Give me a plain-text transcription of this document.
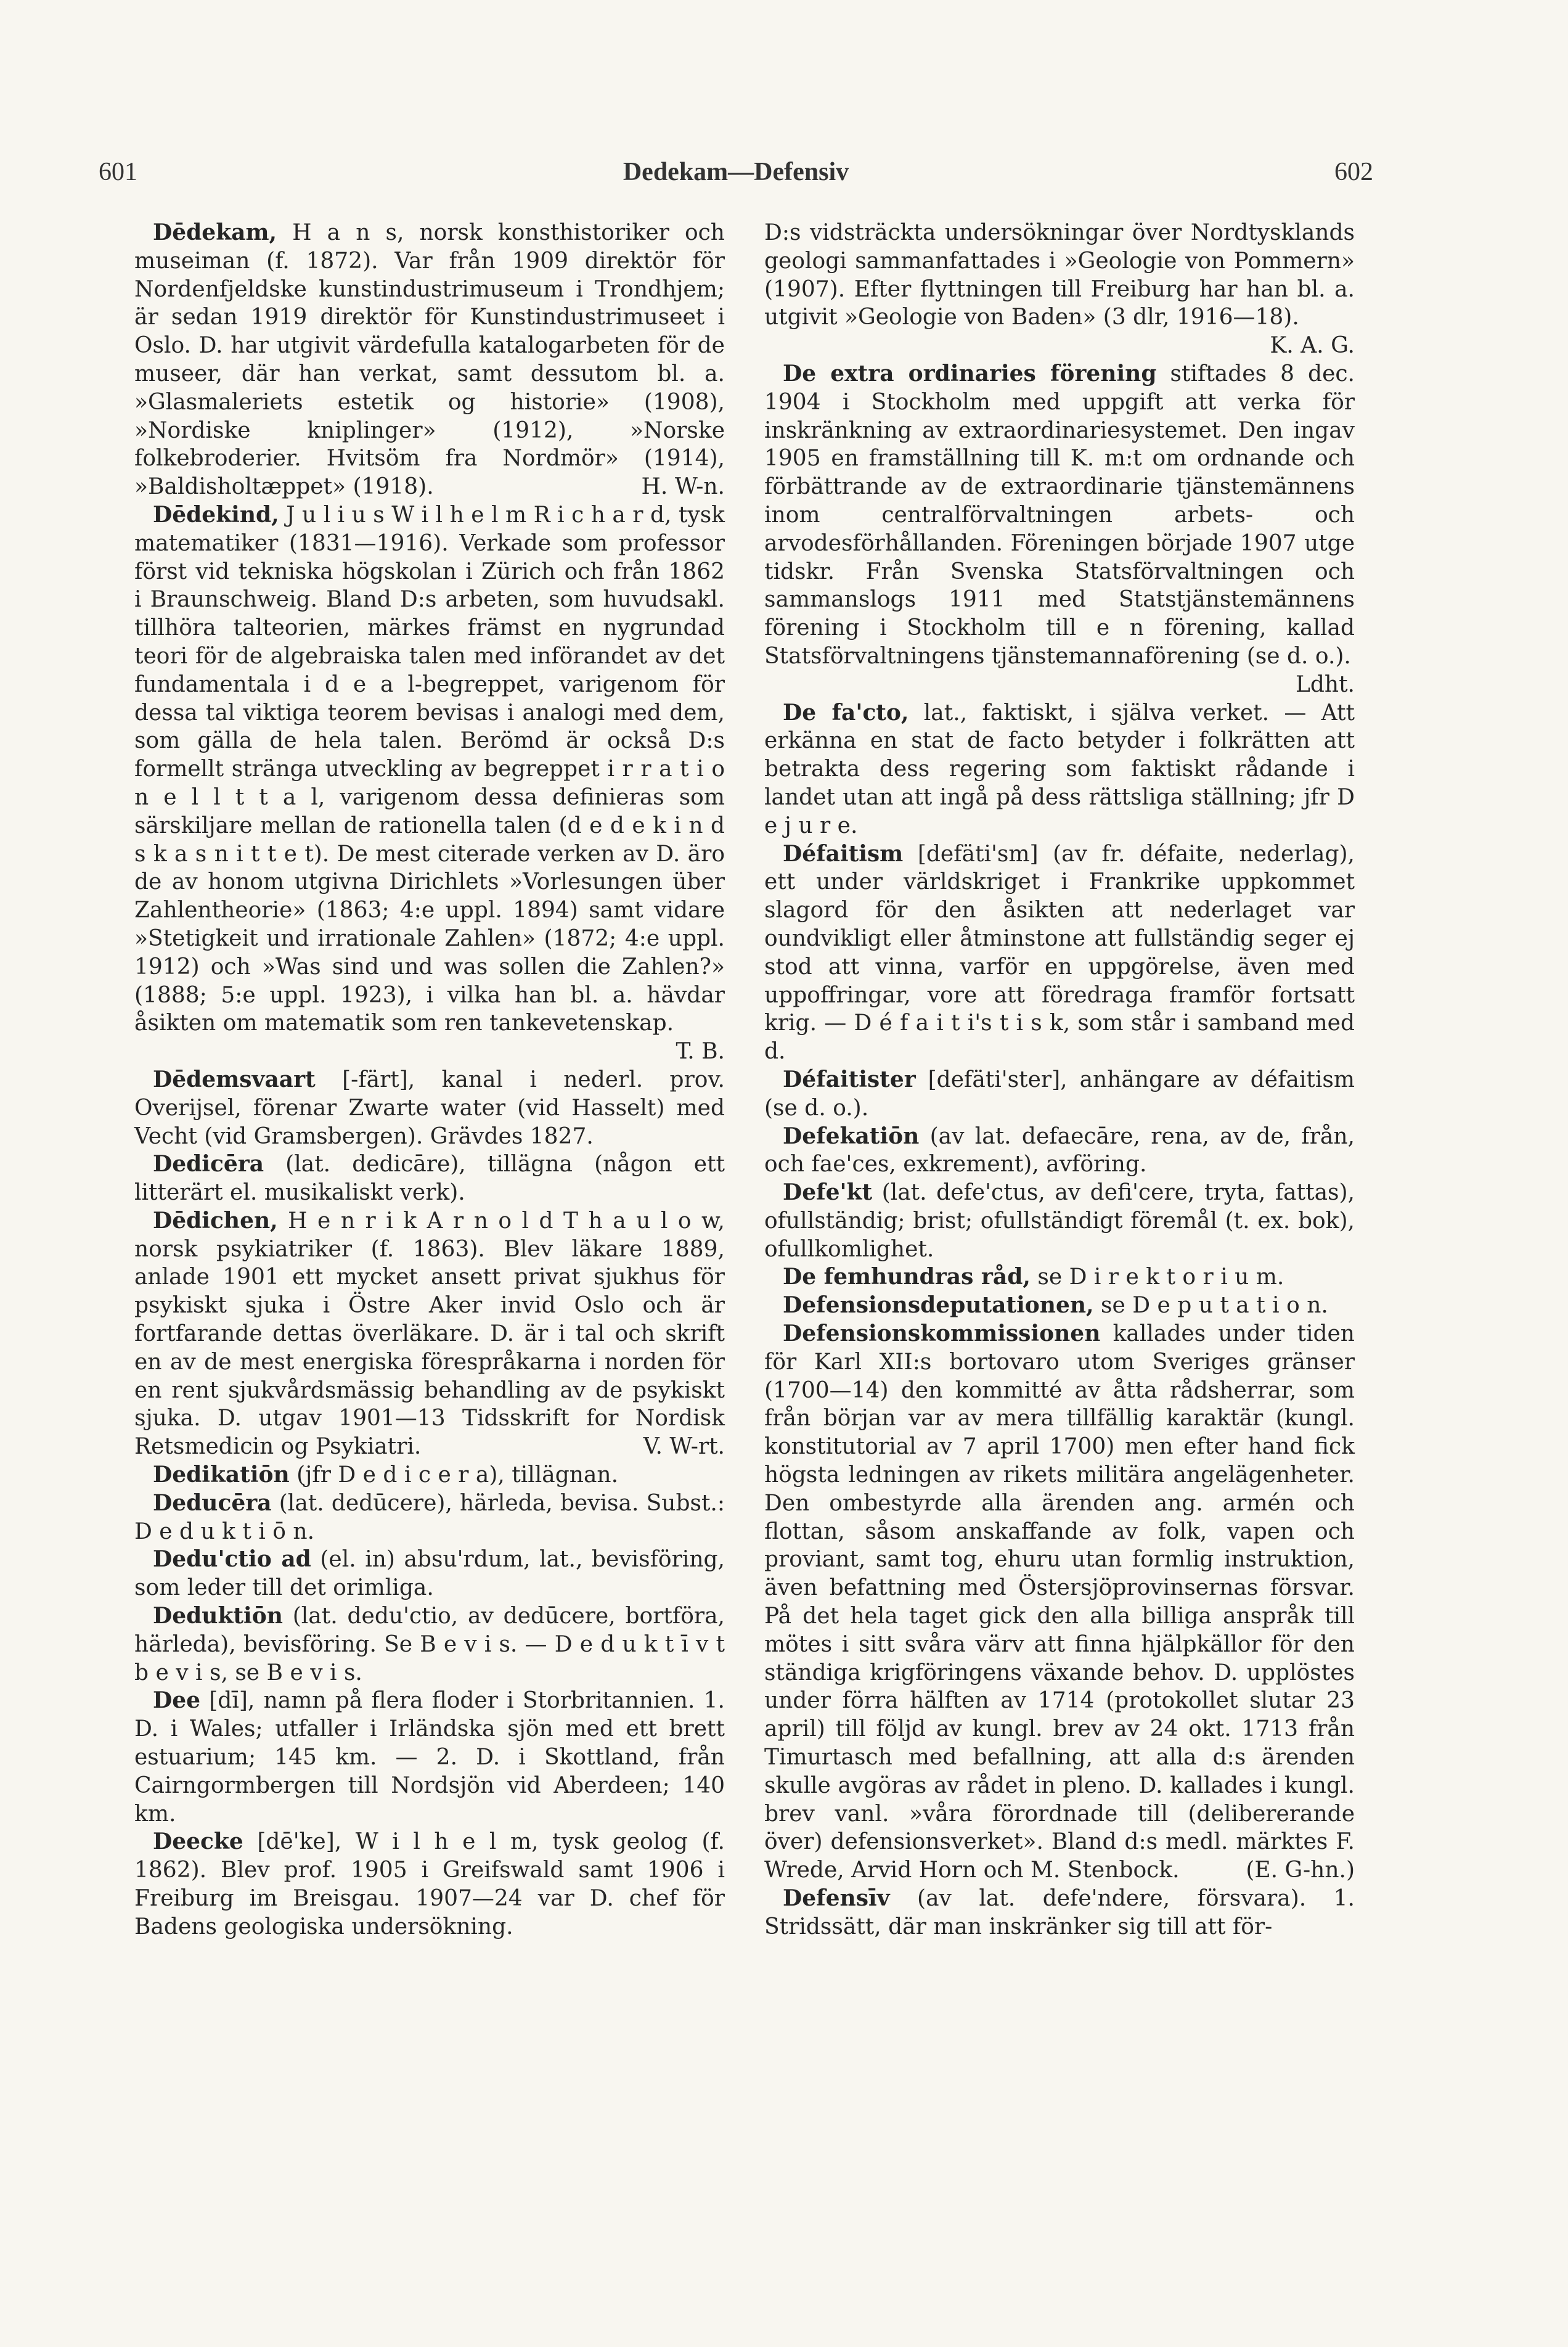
601	Dedekam—Defensiv	602

Dēdekam, H a n s, norsk konsthistoriker och museiman (f. 1872). Var från 1909 direktör för Nordenfjeldske kunstindustrimuseum i Trondhjem; är sedan 1919 direktör för Kunstindustrimuseet i Oslo. D. har utgivit värdefulla katalogarbeten för de museer, där han verkat, samt dessutom bl. a. »Glasmaleriets estetik og historie» (1908), »Nordiske kniplinger» (1912), »Norske folkebroderier. Hvitsöm fra Nordmör» (1914), »Baldisholtæppet» (1918).	H. W-n.

Dēdekind, J u l i u s W i l h e l m R i c h a r d, tysk matematiker (1831—1916). Verkade som professor först vid tekniska högskolan i Zürich och från 1862 i Braunschweig. Bland D:s arbeten, som huvudsakl. tillhöra talteorien, märkes främst en nygrundad teori för de algebraiska talen med införandet av det fundamentala i d e a l-begreppet, varigenom för dessa tal viktiga teorem bevisas i analogi med dem, som gälla de hela talen. Berömd är också D:s formellt stränga utveckling av begreppet i r r a t i o n e l l t t a l, varigenom dessa definieras som särskiljare mellan de rationella talen (d e d e k i n d s k a s n i t t e t). De mest citerade verken av D. äro de av honom utgivna Dirichlets »Vorlesungen über Zahlentheorie» (1863; 4:e uppl. 1894) samt vidare »Stetigkeit und irrationale Zahlen» (1872; 4:e uppl. 1912) och »Was sind und was sollen die Zahlen?» (1888; 5:e uppl. 1923), i vilka han bl. a. hävdar åsikten om matematik som ren tankevetenskap.
T. B.

Dēdemsvaart [-färt], kanal i nederl. prov. Overijsel, förenar Zwarte water (vid Hasselt) med Vecht (vid Gramsbergen). Grävdes 1827.

Dedicēra (lat. dedicāre), tillägna (någon ett litterärt el. musikaliskt verk).

Dēdichen, H e n r i k A r n o l d T h a u l o w, norsk psykiatriker (f. 1863). Blev läkare 1889, anlade 1901 ett mycket ansett privat sjukhus för psykiskt sjuka i Östre Aker invid Oslo och är fortfarande dettas överläkare. D. är i tal och skrift en av de mest energiska förespråkarna i norden för en rent sjukvårdsmässig behandling av de psykiskt sjuka. D. utgav 1901—13 Tidsskrift for Nordisk Retsmedicin og Psykiatri.	V. W-rt.

Dedikatiōn (jfr D e d i c e r a), tillägnan.

Deducēra (lat. dedūcere), härleda, bevisa. Subst.: D e d u k t i ō n.

Dedu'ctio ad (el. in) absu'rdum, lat., bevisföring, som leder till det orimliga.

Deduktiōn (lat. dedu'ctio, av dedūcere, bortföra, härleda), bevisföring. Se B e v i s. — D e d u k t ī v t b e v i s, se B e v i s.

Dee [dī], namn på flera floder i Storbritannien. 1. D. i Wales; utfaller i Irländska sjön med ett brett estuarium; 145 km. — 2. D. i Skottland, från Cairngormbergen till Nordsjön vid Aberdeen; 140 km.

Deecke [dē'ke], W i l h e l m, tysk geolog (f. 1862). Blev prof. 1905 i Greifswald samt 1906 i Freiburg im Breisgau. 1907—24 var D. chef för Badens geologiska undersökning.

D:s vidsträckta undersökningar över Nordtysklands geologi sammanfattades i »Geologie von Pommern» (1907). Efter flyttningen till Freiburg har han bl. a. utgivit »Geologie von Baden» (3 dlr, 1916—18).
K. A. G.

De extra ordinaries förening stiftades 8 dec. 1904 i Stockholm med uppgift att verka för inskränkning av extraordinariesystemet. Den ingav 1905 en framställning till K. m:t om ordnande och förbättrande av de extraordinarie tjänstemännens inom centralförvaltningen arbets- och arvodesförhållanden. Föreningen började 1907 utge tidskr. Från Svenska Statsförvaltningen och sammanslogs 1911 med Statstjänstemännens förening i Stockholm till e n förening, kallad Statsförvaltningens tjänstemannaförening (se d. o.).
Ldht.

De fa'cto, lat., faktiskt, i själva verket. — Att erkänna en stat de facto betyder i folkrätten att betrakta dess regering som faktiskt rådande i landet utan att ingå på dess rättsliga ställning; jfr D e j u r e.

Défaitism [defäti'sm] (av fr. défaite, nederlag), ett under världskriget i Frankrike uppkommet slagord för den åsikten att nederlaget var oundvikligt eller åtminstone att fullständig seger ej stod att vinna, varför en uppgörelse, även med uppoffringar, vore att föredraga framför fortsatt krig. — D é f a i t i's t i s k, som står i samband med d.

Défaitister [defäti'ster], anhängare av défaitism (se d. o.).

Defekatiōn (av lat. defaecāre, rena, av de, från, och fae'ces, exkrement), avföring.

Defe'kt (lat. defe'ctus, av defi'cere, tryta, fattas), ofullständig; brist; ofullständigt föremål (t. ex. bok), ofullkomlighet.

De femhundras råd, se D i r e k t o r i u m.

Defensionsdeputationen, se D e p u t a t i o n.

Defensionskommissionen kallades under tiden för Karl XII:s bortovaro utom Sveriges gränser (1700—14) den kommitté av åtta rådsherrar, som från början var av mera tillfällig karaktär (kungl. konstitutorial av 7 april 1700) men efter hand fick högsta ledningen av rikets militära angelägenheter. Den ombestyrde alla ärenden ang. armén och flottan, såsom anskaffande av folk, vapen och proviant, samt tog, ehuru utan formlig instruktion, även befattning med Östersjöprovinsernas försvar. På det hela taget gick den alla billiga anspråk till mötes i sitt svåra värv att finna hjälpkällor för den ständiga krigföringens växande behov. D. upplöstes under förra hälften av 1714 (protokollet slutar 23 april) till följd av kungl. brev av 24 okt. 1713 från Timurtasch med befallning, att alla d:s ärenden skulle avgöras av rådet in pleno. D. kallades i kungl. brev vanl. »våra förordnade till (delibererande över) defensionsverket». Bland d:s medl. märktes F. Wrede, Arvid Horn och M. Stenbock.	(E. G-hn.)

Defensīv (av lat. defe'ndere, försvara). 1. Stridssätt, där man inskränker sig till att för-
